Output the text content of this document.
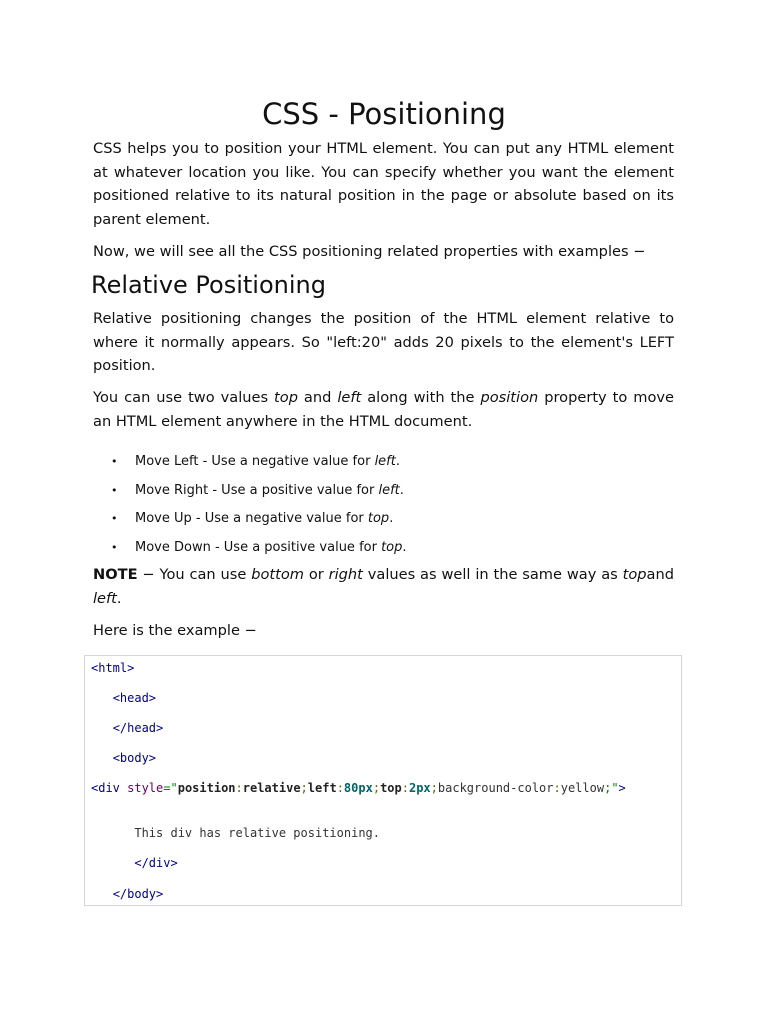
CSS - Positioning

CSS helps you to position your HTML element. You can put any HTML element at whatever location you like. You can specify whether you want the element positioned relative to its natural position in the page or absolute based on its parent element.

Now, we will see all the CSS positioning related properties with examples −

Relative Positioning

Relative positioning changes the position of the HTML element relative to where it normally appears. So "left:20" adds 20 pixels to the element's LEFT position.

You can use two values top and left along with the position property to move an HTML element anywhere in the HTML document.

• Move Left - Use a negative value for left.
• Move Right - Use a positive value for left.
• Move Up - Use a negative value for top.
• Move Down - Use a positive value for top.

NOTE − You can use bottom or right values as well in the same way as topand left.

Here is the example −

<html>
<head>
</head>
<body>
<div style="position:relative;left:80px;top:2px;background-color:yellow;">
This div has relative positioning.
</div>
</body>
